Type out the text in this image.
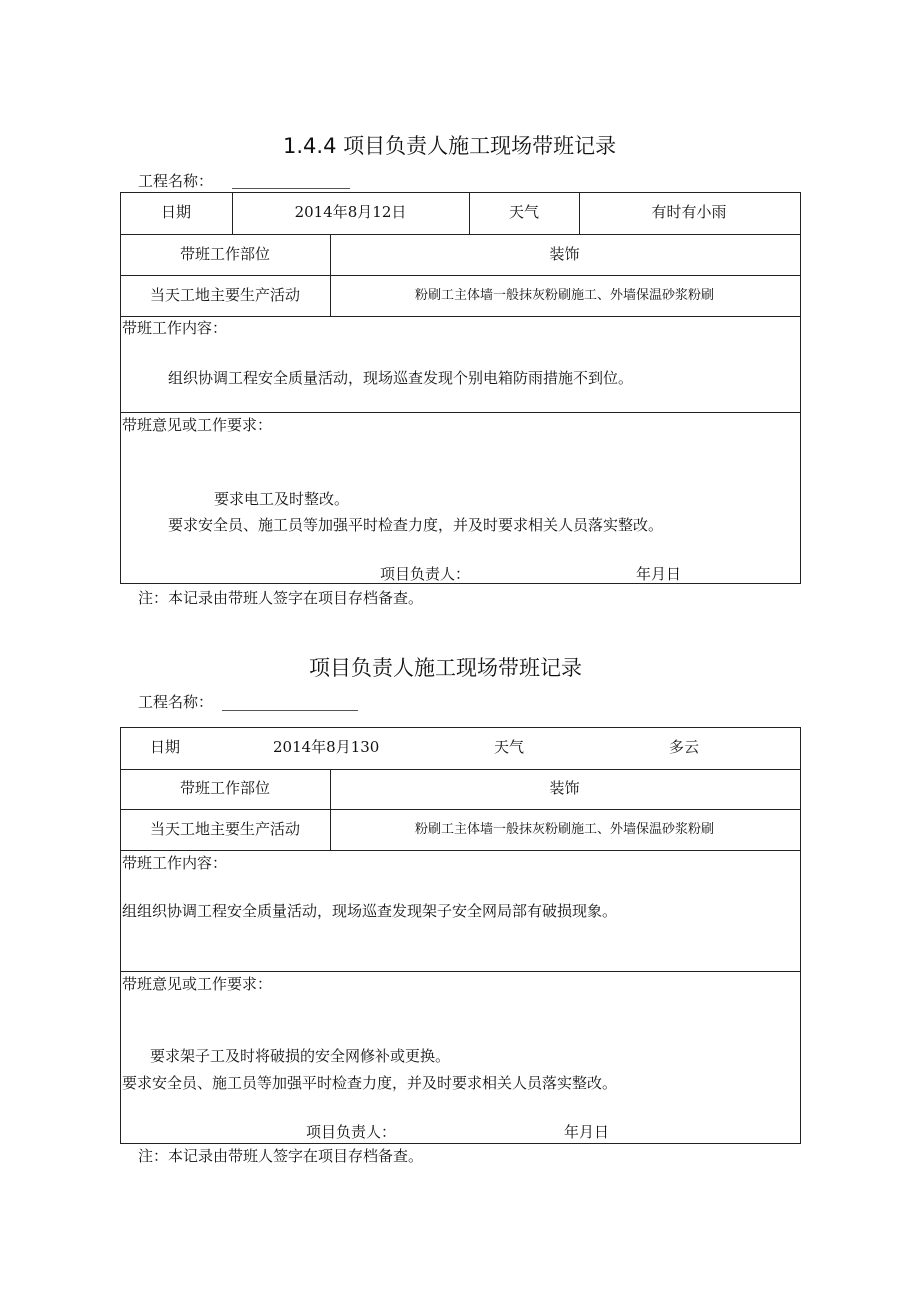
1.4.4 项目负责人施工现场带班记录
工程名称：
日期	2014年8月12日	天气	有时有小雨
带班工作部位	装饰
当天工地主要生产活动	粉刷工主体墙一般抹灰粉刷施工、外墙保温砂浆粉刷
带班工作内容：
组织协调工程安全质量活动，现场巡查发现个别电箱防雨措施不到位。
带班意见或工作要求：
要求电工及时整改。
要求安全员、施工员等加强平时检查力度，并及时要求相关人员落实整改。
项目负责人：	年月日
注：本记录由带班人签字在项目存档备查。
项目负责人施工现场带班记录
工程名称：
日期	2014年8月130	天气	多云
带班工作部位	装饰
当天工地主要生产活动	粉刷工主体墙一般抹灰粉刷施工、外墙保温砂浆粉刷
带班工作内容：
组组织协调工程安全质量活动，现场巡查发现架子安全网局部有破损现象。
带班意见或工作要求：
要求架子工及时将破损的安全网修补或更换。
要求安全员、施工员等加强平时检查力度，并及时要求相关人员落实整改。
项目负责人：	年月日
注：本记录由带班人签字在项目存档备查。
